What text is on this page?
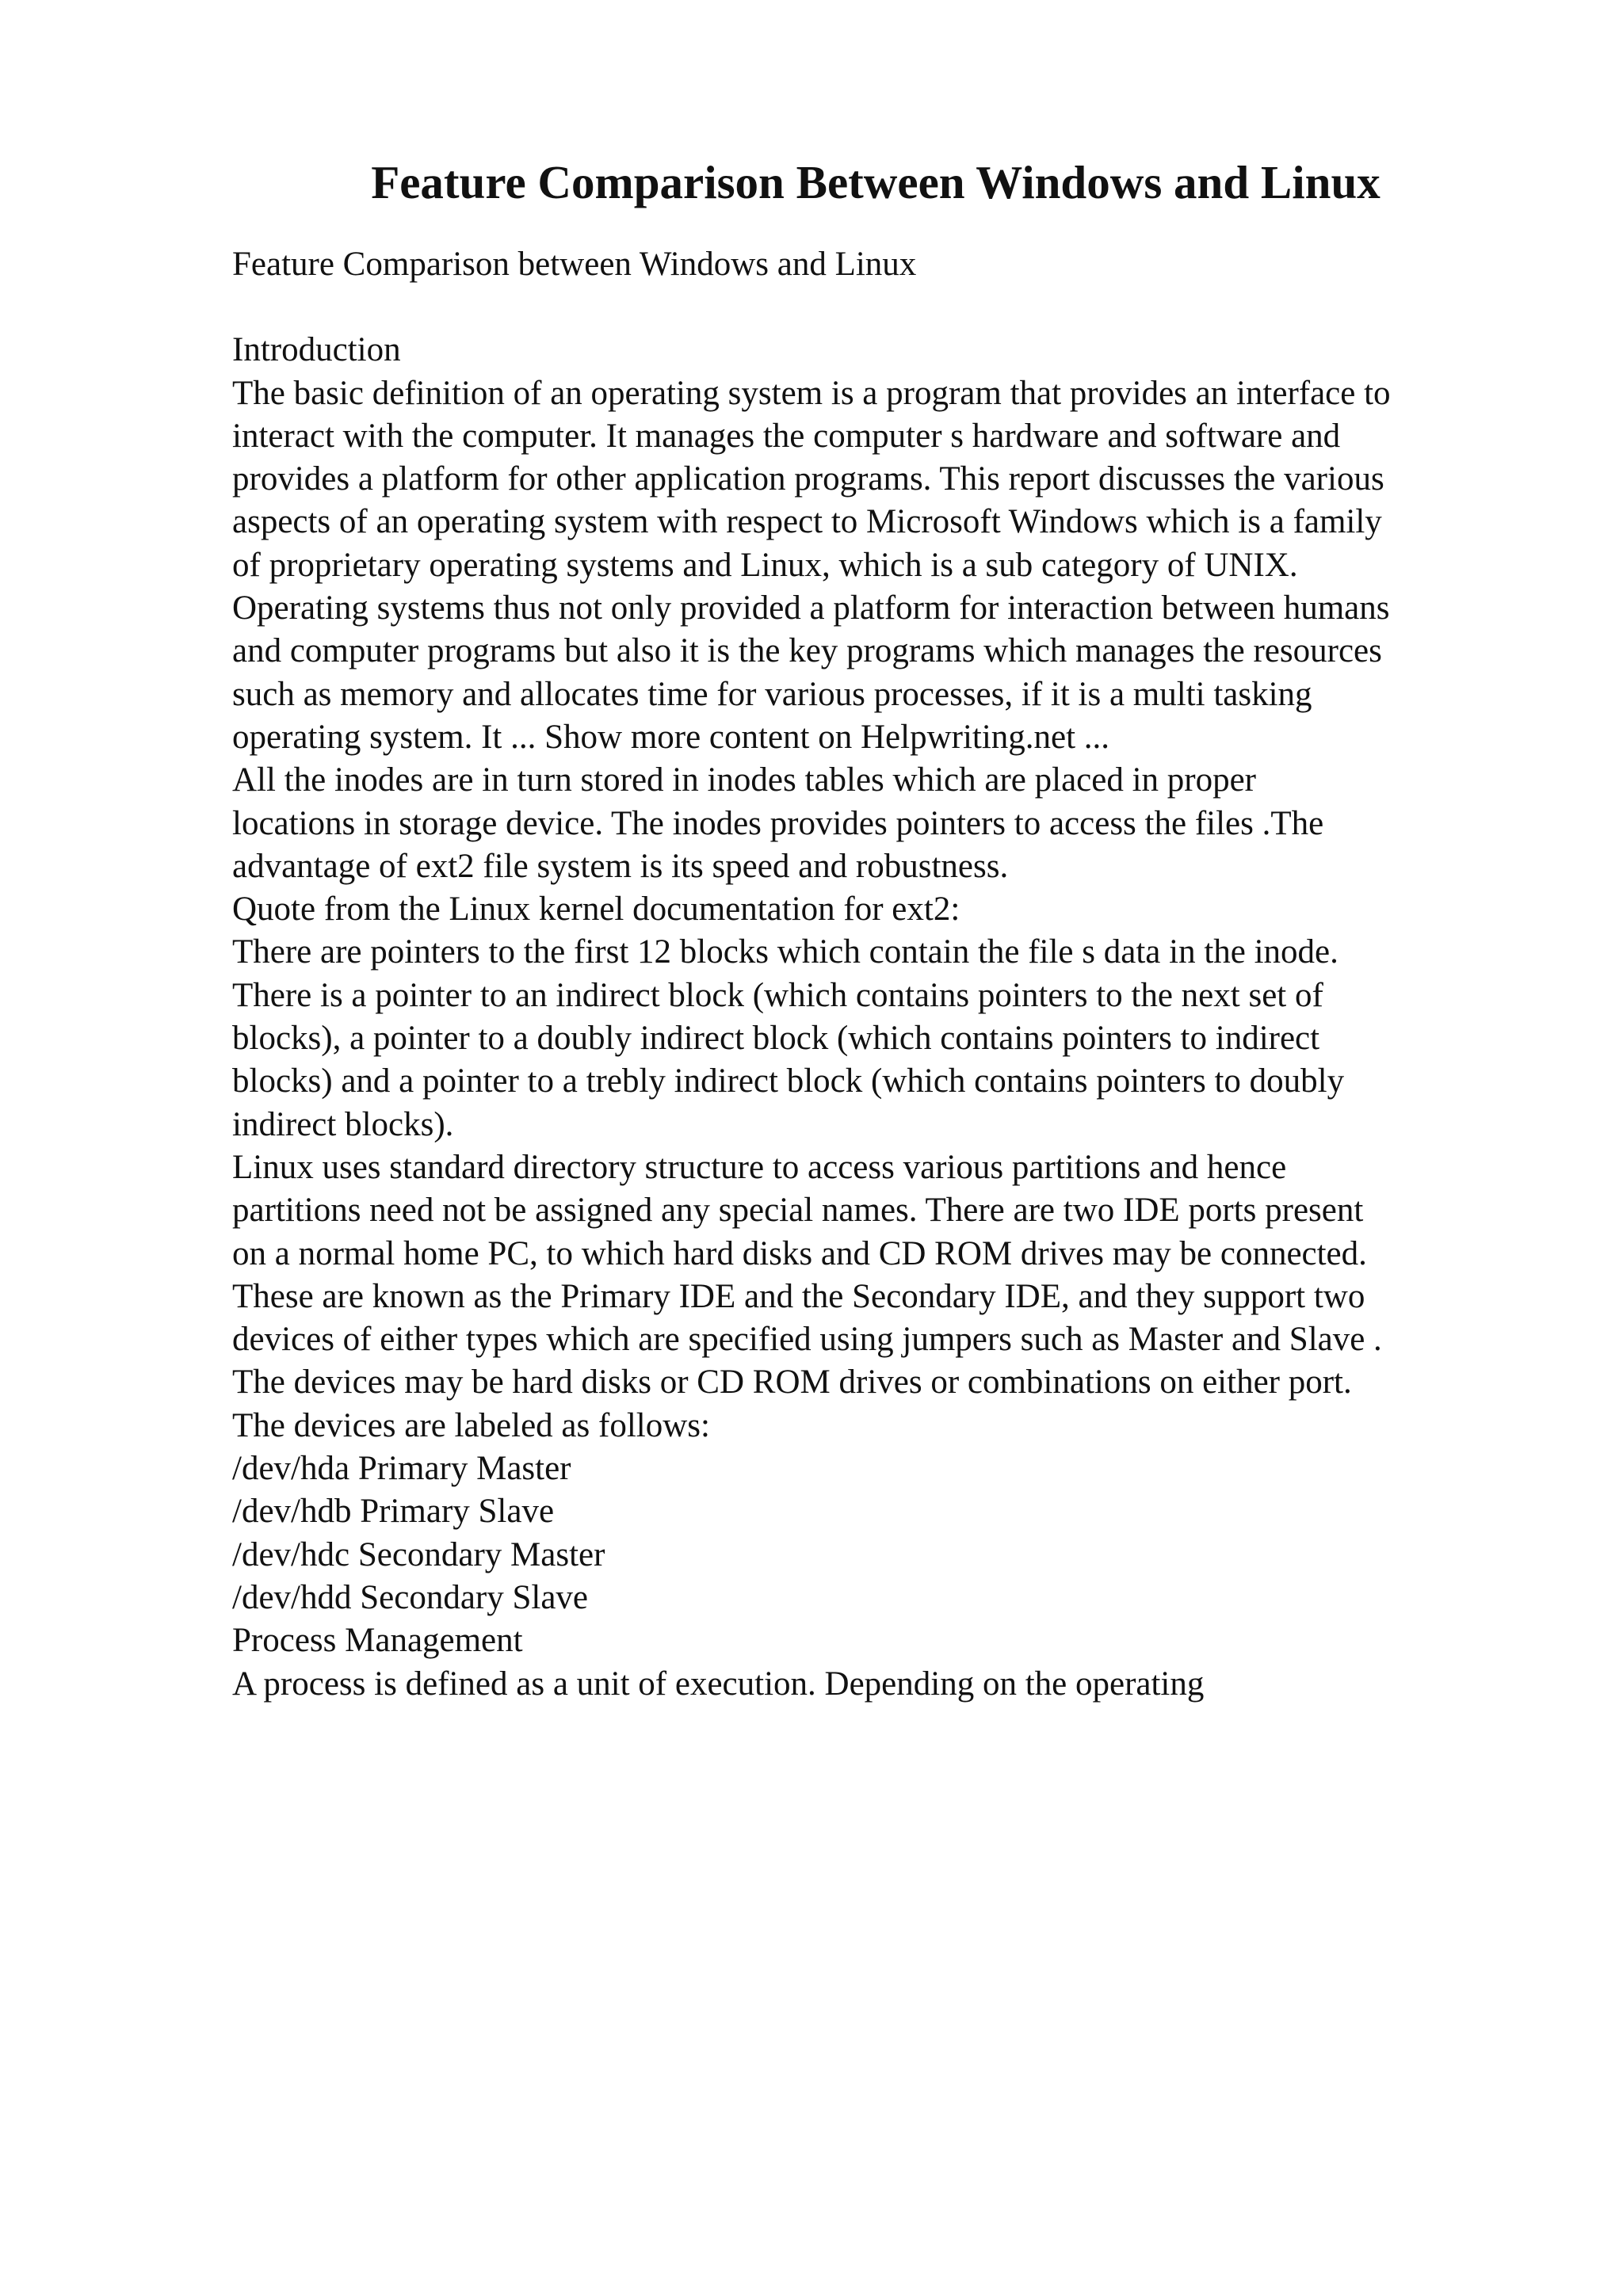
Feature Comparison Between Windows and Linux

Feature Comparison between Windows and Linux

Introduction
The basic definition of an operating system is a program that provides an interface to
interact with the computer. It manages the computer s hardware and software and
provides a platform for other application programs. This report discusses the various
aspects of an operating system with respect to Microsoft Windows which is a family
of proprietary operating systems and Linux, which is a sub category of UNIX.
Operating systems thus not only provided a platform for interaction between humans
and computer programs but also it is the key programs which manages the resources
such as memory and allocates time for various processes, if it is a multi tasking
operating system. It ... Show more content on Helpwriting.net ...
All the inodes are in turn stored in inodes tables which are placed in proper
locations in storage device. The inodes provides pointers to access the files .The
advantage of ext2 file system is its speed and robustness.
Quote from the Linux kernel documentation for ext2:
There are pointers to the first 12 blocks which contain the file s data in the inode.
There is a pointer to an indirect block (which contains pointers to the next set of
blocks), a pointer to a doubly indirect block (which contains pointers to indirect
blocks) and a pointer to a trebly indirect block (which contains pointers to doubly
indirect blocks).
Linux uses standard directory structure to access various partitions and hence
partitions need not be assigned any special names. There are two IDE ports present
on a normal home PC, to which hard disks and CD ROM drives may be connected.
These are known as the Primary IDE and the Secondary IDE, and they support two
devices of either types which are specified using jumpers such as Master and Slave .
The devices may be hard disks or CD ROM drives or combinations on either port.
The devices are labeled as follows:
/dev/hda Primary Master
/dev/hdb Primary Slave
/dev/hdc Secondary Master
/dev/hdd Secondary Slave
Process Management
A process is defined as a unit of execution. Depending on the operating
